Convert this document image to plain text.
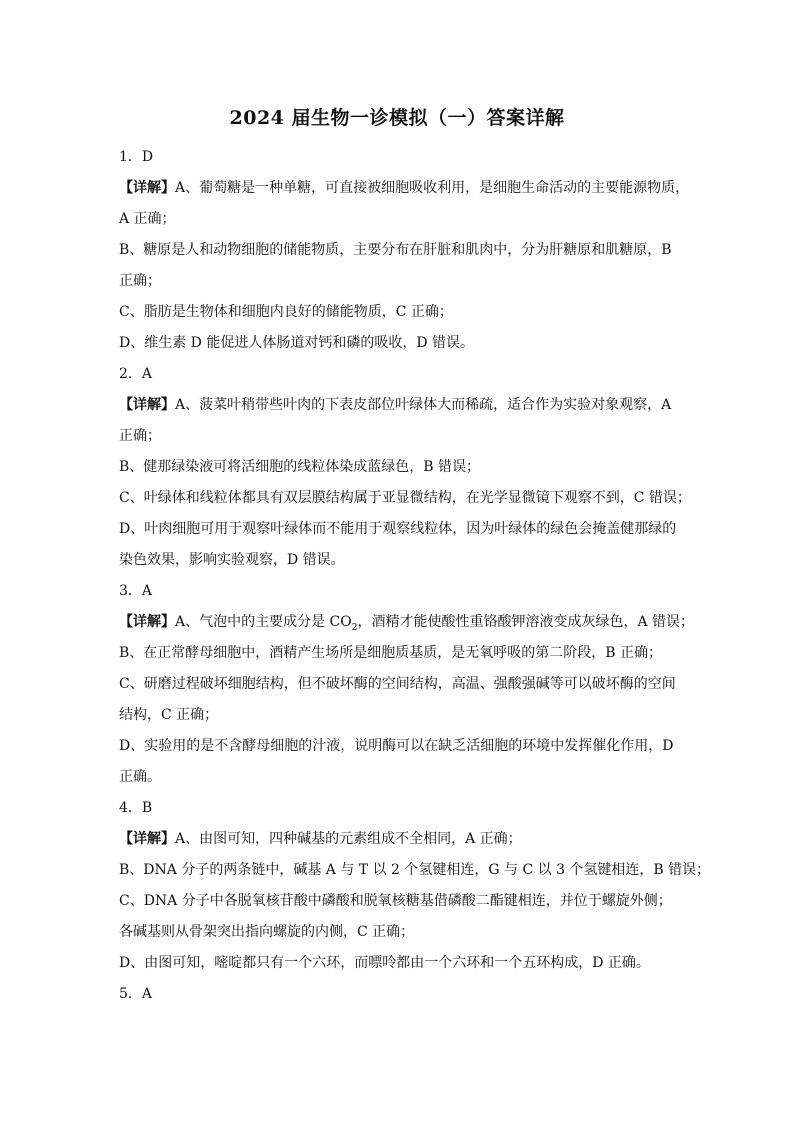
2024 届生物一诊模拟（一）答案详解
1．D
【详解】A、葡萄糖是一种单糖，可直接被细胞吸收利用，是细胞生命活动的主要能源物质，
A 正确；
B、糖原是人和动物细胞的储能物质，主要分布在肝脏和肌肉中，分为肝糖原和肌糖原，B
正确；
C、脂肪是生物体和细胞内良好的储能物质，C 正确；
D、维生素 D 能促进人体肠道对钙和磷的吸收，D 错误。
2．A
【详解】A、菠菜叶稍带些叶肉的下表皮部位叶绿体大而稀疏，适合作为实验对象观察，A
正确；
B、健那绿染液可将活细胞的线粒体染成蓝绿色，B 错误；
C、叶绿体和线粒体都具有双层膜结构属于亚显微结构，在光学显微镜下观察不到，C 错误；
D、叶肉细胞可用于观察叶绿体而不能用于观察线粒体，因为叶绿体的绿色会掩盖健那绿的
染色效果，影响实验观察，D 错误。
3．A
【详解】A、气泡中的主要成分是 $CO_2$，酒精才能使酸性重铬酸钾溶液变成灰绿色，A 错误；
B、在正常酵母细胞中，酒精产生场所是细胞质基质，是无氧呼吸的第二阶段，B 正确；
C、研磨过程破坏细胞结构，但不破坏酶的空间结构，高温、强酸强碱等可以破坏酶的空间
结构，C 正确；
D、实验用的是不含酵母细胞的汁液，说明酶可以在缺乏活细胞的环境中发挥催化作用，D
正确。
4．B
【详解】A、由图可知，四种碱基的元素组成不全相同，A 正确；
B、DNA 分子的两条链中，碱基 A 与 T 以 2 个氢键相连，G 与 C 以 3 个氢键相连，B 错误；
C、DNA 分子中各脱氧核苷酸中磷酸和脱氧核糖基借磷酸二酯键相连，并位于螺旋外侧；
各碱基则从骨架突出指向螺旋的内侧，C 正确；
D、由图可知，嘧啶都只有一个六环，而嘌呤都由一个六环和一个五环构成，D 正确。
5．A
